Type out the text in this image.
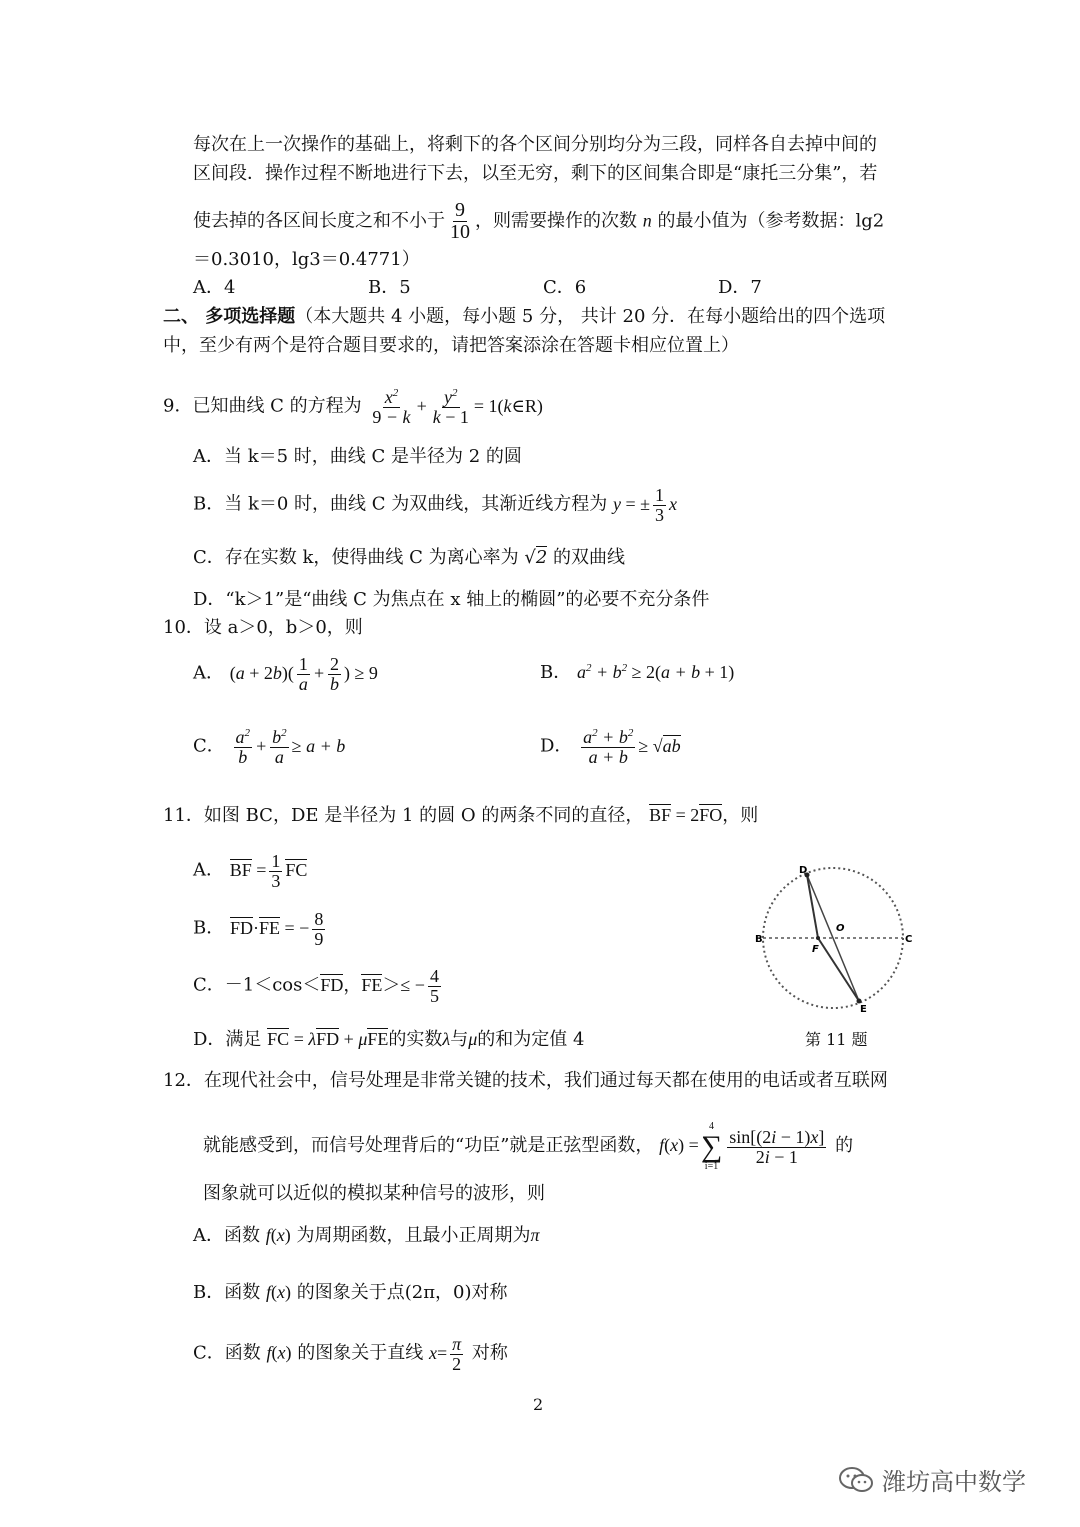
每次在上一次操作的基础上，将剩下的各个区间分别均分为三段，同样各自去掉中间的
区间段．操作过程不断地进行下去，以至无穷，剩下的区间集合即是“康托三分集”，若
使去掉的各区间长度之和不小于 $\frac{9}{10}$ ，则需要操作的次数 n 的最小值为（参考数据：lg2
＝0.3010，lg3＝0.4771）
A．4	B．5	C．6	D．7
二、 多项选择题（本大题共 4 小题，每小题 5 分， 共计 20 分．在每小题给出的四个选项
中，至少有两个是符合题目要求的，请把答案添涂在答题卡相应位置上）
9．已知曲线 C 的方程为 $\frac{x^2}{9 - k} + \frac{y^2}{k - 1}$ = 1(k∈R)
A．当 k＝5 时，曲线 C 是半径为 2 的圆
B．当 k＝0 时，曲线 C 为双曲线，其渐近线方程为 y = ± $\frac{1}{3}$ x
C．存在实数 k，使得曲线 C 为离心率为 √2 的双曲线
D．“k＞1”是“曲线 C 为焦点在 x 轴上的椭圆”的必要不充分条件
10．设 a＞0，b＞0，则
A． $(a + 2b)( \frac{1}{a} + \frac{2}{b}$ ) ≥ 9	B． $a^2 + b^2 \ge 2(a + b + 1)$
C． $\frac{a^2}{b} + \frac{b^2}{a} \ge a + b$	D． $\frac{a^2 + b^2}{a + b} \ge √ab$
11．如图 BC，DE 是半径为 1 的圆 O 的两条不同的直径， BF = 2FO，则
A． BF = $\frac{1}{3}$ FC
B． FD·FE = − $\frac{8}{9}$
C．－1＜cos＜FD，$FE>\le - \frac{4}{5}$
D．满足 FC = λFD + μFE的实数λ与μ的和为定值 4
D
O
B
F
C
E
第 11 题
12．在现代社会中，信号处理是非常关键的技术，我们通过每天都在使用的电话或者互联网
就能感受到，而信号处理背后的“功臣”就是正弦型函数， f(x) =
4
∑
i=1
$\frac{\sin[(2i - 1)x]}{2i - 1}$ 的
图象就可以近似的模拟某种信号的波形，则
A．函数 f(x) 为周期函数，且最小正周期为π
B．函数 f(x) 的图象关于点(2π，0)对称
C．函数 f(x) 的图象关于直线 $x= \frac{\pi}{2}$ 对称
2
潍坊高中数学
